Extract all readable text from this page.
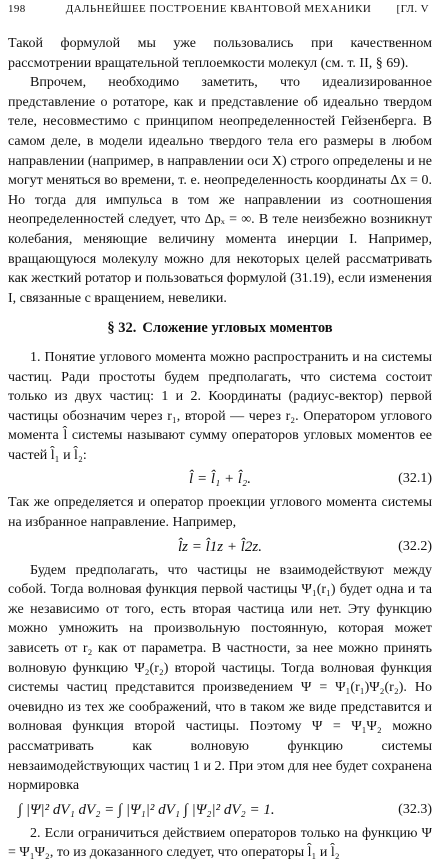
198	ДАЛЬНЕЙШЕЕ ПОСТРОЕНИЕ КВАНТОВОЙ МЕХАНИКИ	[ГЛ. V

Такой формулой мы уже пользовались при качественном рассмотрении вращательной теплоемкости молекул (см. т. II, § 69).

Впрочем, необходимо заметить, что идеализированное представление о ротаторе, как и представление об идеально твердом теле, несовместимо с принципом неопределенностей Гейзенберга. В самом деле, в модели идеально твердого тела его размеры в любом направлении (например, в направлении оси X) строго определены и не могут меняться во времени, т. е. неопределенность координаты Δx = 0. Но тогда для импульса в том же направлении из соотношения неопределенностей следует, что Δpₓ = ∞. В теле неизбежно возникнут колебания, меняющие величину момента инерции I. Например, вращающуюся молекулу можно для некоторых целей рассматривать как жесткий ротатор и пользоваться формулой (31.19), если изменения I, связанные с вращением, невелики.

§ 32. Сложение угловых моментов

1. Понятие углового момента можно распространить и на системы частиц. Ради простоты будем предполагать, что система состоит только из двух частиц: 1 и 2. Координаты (радиус-вектор) первой частицы обозначим через r₁, второй — через r₂. Оператором углового момента l̂ системы называют сумму операторов угловых моментов ее частей l̂₁ и l̂₂:

l̂ = l̂₁ + l̂₂.	(32.1)

Так же определяется и оператор проекции углового момента системы на избранное направление. Например,

l̂z = l̂1z + l̂2z.	(32.2)

Будем предполагать, что частицы не взаимодействуют между собой. Тогда волновая функция первой частицы Ψ₁(r₁) будет одна и та же независимо от того, есть вторая частица или нет. Эту функцию можно умножить на произвольную постоянную, которая может зависеть от r₂ как от параметра. В частности, за нее можно принять волновую функцию Ψ₂(r₂) второй частицы. Тогда волновая функция системы частиц представится произведением Ψ = Ψ₁(r₁)Ψ₂(r₂). Но очевидно из тех же соображений, что в таком же виде представится и волновая функция второй частицы. Поэтому Ψ = Ψ₁Ψ₂ можно рассматривать как волновую функцию системы невзаимодействующих частиц 1 и 2. При этом для нее будет сохранена нормировка

∫ |Ψ|² dV₁ dV₂ = ∫ |Ψ₁|² dV₁ ∫ |Ψ₂|² dV₂ = 1.	(32.3)

2. Если ограничиться действием операторов только на функцию Ψ = Ψ₁Ψ₂, то из доказанного следует, что операторы l̂₁ и l̂₂
